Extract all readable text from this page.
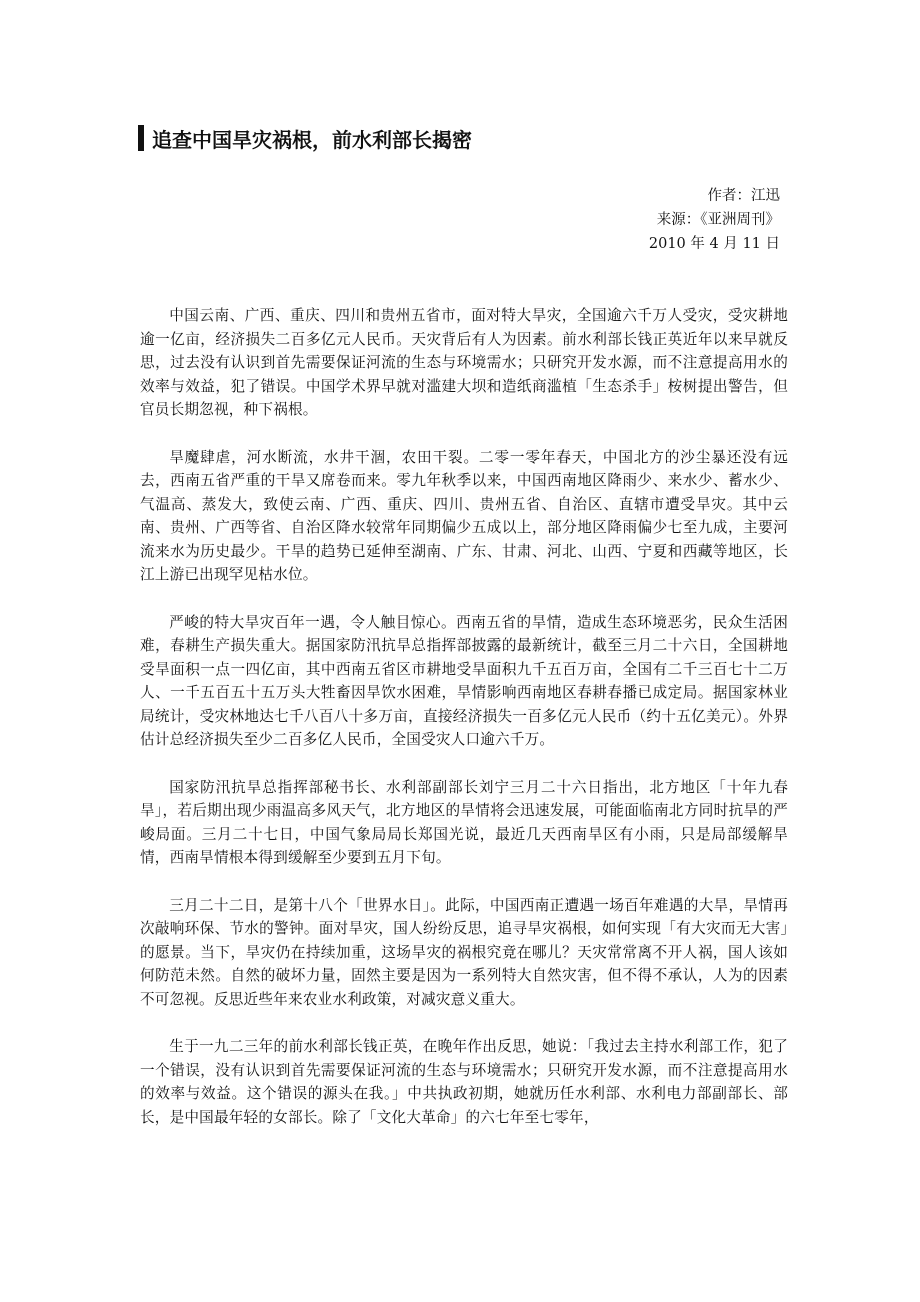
追查中国旱灾祸根，前水利部长揭密
作者：江迅
来源：《亚洲周刊》
2010 年 4 月 11 日

中国云南、广西、重庆、四川和贵州五省市，面对特大旱灾，全国逾六千万人受灾，受灾耕地逾一亿亩，经济损失二百多亿元人民币。天灾背后有人为因素。前水利部长钱正英近年以来早就反思，过去没有认识到首先需要保证河流的生态与环境需水；只研究开发水源，而不注意提高用水的效率与效益，犯了错误。中国学术界早就对滥建大坝和造纸商滥植「生态杀手」桉树提出警告，但官员长期忽视，种下祸根。

旱魔肆虐，河水断流，水井干涸，农田干裂。二零一零年春天，中国北方的沙尘暴还没有远去，西南五省严重的干旱又席卷而来。零九年秋季以来，中国西南地区降雨少、来水少、蓄水少、气温高、蒸发大，致使云南、广西、重庆、四川、贵州五省、自治区、直辖市遭受旱灾。其中云南、贵州、广西等省、自治区降水较常年同期偏少五成以上，部分地区降雨偏少七至九成，主要河流来水为历史最少。干旱的趋势已延伸至湖南、广东、甘肃、河北、山西、宁夏和西藏等地区，长江上游已出现罕见枯水位。

严峻的特大旱灾百年一遇，令人触目惊心。西南五省的旱情，造成生态环境恶劣，民众生活困难，春耕生产损失重大。据国家防汛抗旱总指挥部披露的最新统计，截至三月二十六日，全国耕地受旱面积一点一四亿亩，其中西南五省区市耕地受旱面积九千五百万亩，全国有二千三百七十二万人、一千五百五十五万头大牲畜因旱饮水困难，旱情影响西南地区春耕春播已成定局。据国家林业局统计，受灾林地达七千八百八十多万亩，直接经济损失一百多亿元人民币（约十五亿美元）。外界估计总经济损失至少二百多亿人民币，全国受灾人口逾六千万。

国家防汛抗旱总指挥部秘书长、水利部副部长刘宁三月二十六日指出，北方地区「十年九春旱」，若后期出现少雨温高多风天气，北方地区的旱情将会迅速发展，可能面临南北方同时抗旱的严峻局面。三月二十七日，中国气象局局长郑国光说，最近几天西南旱区有小雨，只是局部缓解旱情，西南旱情根本得到缓解至少要到五月下旬。

三月二十二日，是第十八个「世界水日」。此际，中国西南正遭遇一场百年难遇的大旱，旱情再次敲响环保、节水的警钟。面对旱灾，国人纷纷反思，追寻旱灾祸根，如何实现「有大灾而无大害」的愿景。当下，旱灾仍在持续加重，这场旱灾的祸根究竟在哪儿？天灾常常离不开人祸，国人该如何防范未然。自然的破坏力量，固然主要是因为一系列特大自然灾害，但不得不承认，人为的因素不可忽视。反思近些年来农业水利政策，对减灾意义重大。

生于一九二三年的前水利部长钱正英，在晚年作出反思，她说：「我过去主持水利部工作，犯了一个错误，没有认识到首先需要保证河流的生态与环境需水；只研究开发水源，而不注意提高用水的效率与效益。这个错误的源头在我。」中共执政初期，她就历任水利部、水利电力部副部长、部长，是中国最年轻的女部长。除了「文化大革命」的六七年至七零年，
